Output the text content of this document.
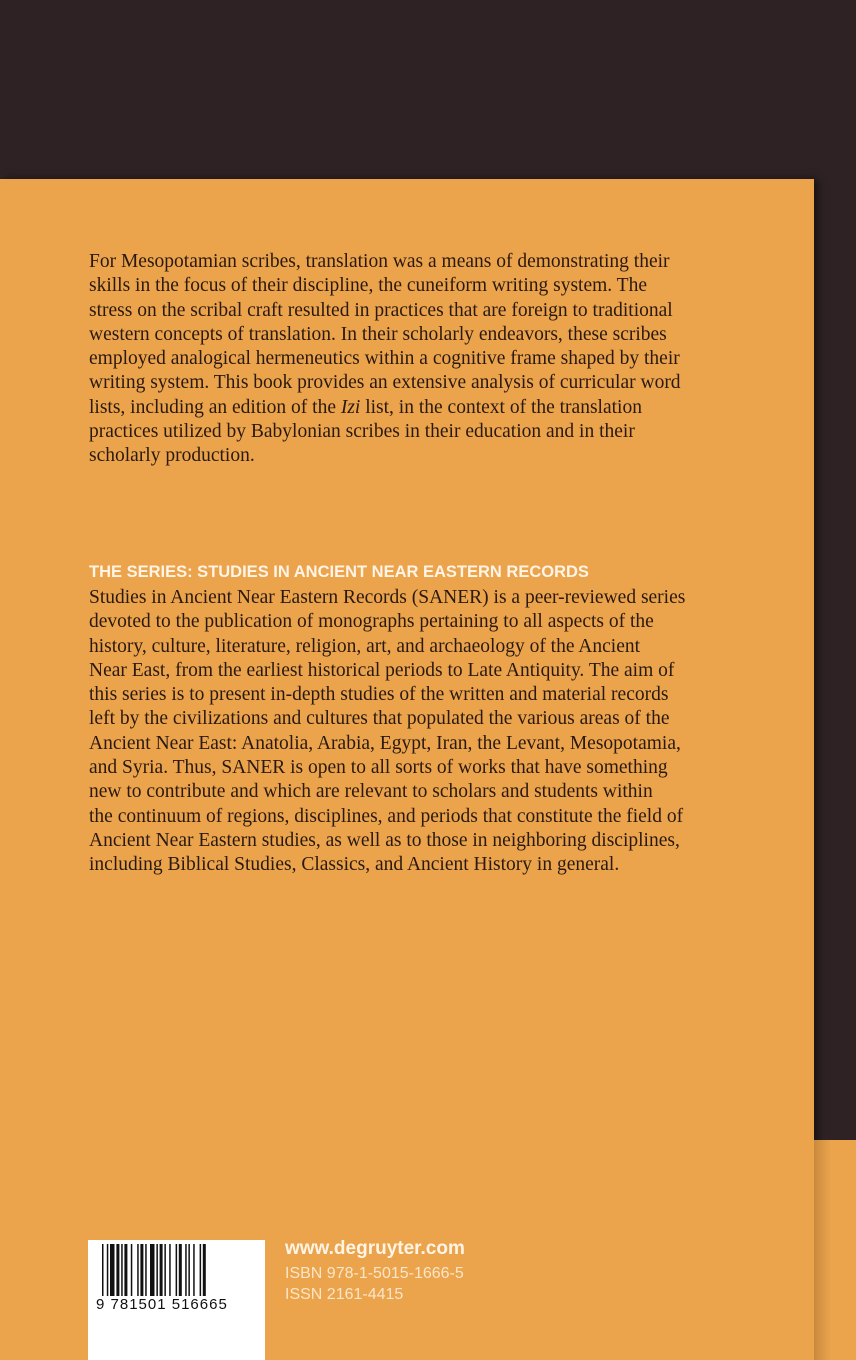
For Mesopotamian scribes, translation was a means of demonstrating their
skills in the focus of their discipline, the cuneiform writing system. The
stress on the scribal craft resulted in practices that are foreign to traditional
western concepts of translation. In their scholarly endeavors, these scribes
employed analogical hermeneutics within a cognitive frame shaped by their
writing system. This book provides an extensive analysis of curricular word
lists, including an edition of the Izi list, in the context of the translation
practices utilized by Babylonian scribes in their education and in their
scholarly production.
THE SERIES: STUDIES IN ANCIENT NEAR EASTERN RECORDS
Studies in Ancient Near Eastern Records (SANER) is a peer-reviewed series
devoted to the publication of monographs pertaining to all aspects of the
history, culture, literature, religion, art, and archaeology of the Ancient
Near East, from the earliest historical periods to Late Antiquity. The aim of
this series is to present in-depth studies of the written and material records
left by the civilizations and cultures that populated the various areas of the
Ancient Near East: Anatolia, Arabia, Egypt, Iran, the Levant, Mesopotamia,
and Syria. Thus, SANER is open to all sorts of works that have something
new to contribute and which are relevant to scholars and students within
the continuum of regions, disciplines, and periods that constitute the field of
Ancient Near Eastern studies, as well as to those in neighboring disciplines,
including Biblical Studies, Classics, and Ancient History in general.
9 781501 516665
www.degruyter.com
ISBN 978-1-5015-1666-5
ISSN 2161-4415
